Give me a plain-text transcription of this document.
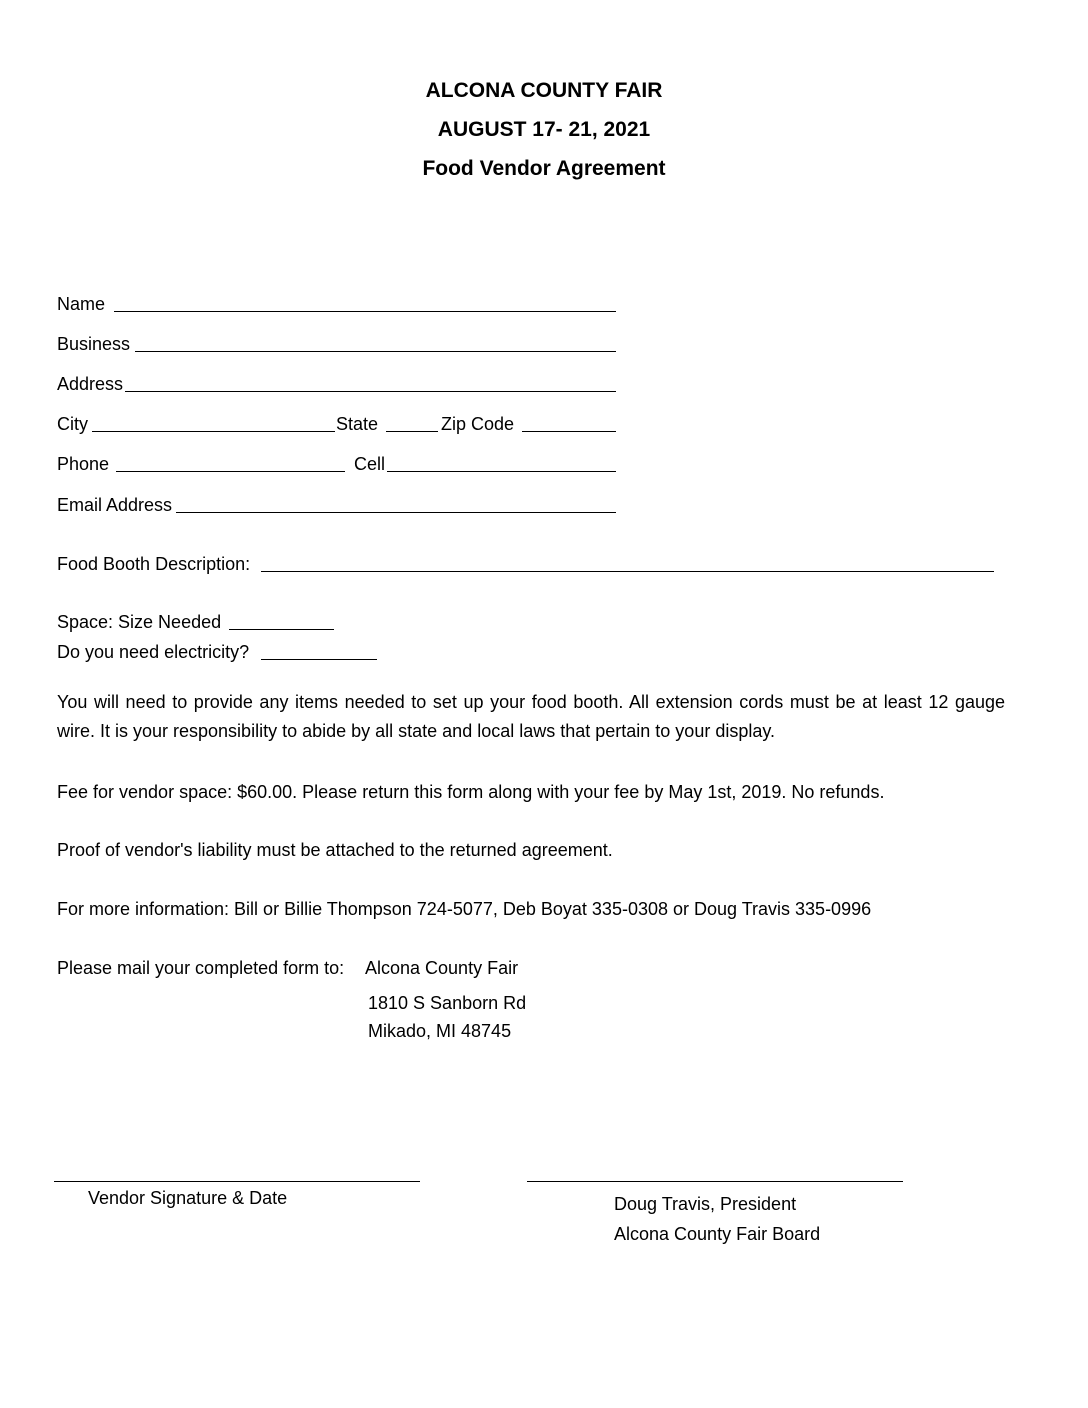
ALCONA COUNTY FAIR
AUGUST 17- 21, 2021
Food Vendor Agreement
Name
Business
Address
City	State	Zip Code
Phone	Cell
Email Address
Food Booth Description:
Space: Size Needed
Do you need electricity?
You will need to provide any items needed to set up your food booth. All extension cords must be at least 12 gauge wire. It is your responsibility to abide by all state and local laws that pertain to your display.
Fee for vendor space: $60.00. Please return this form along with your fee by May 1st, 2019. No refunds.
Proof of vendor's liability must be attached to the returned agreement.
For more information: Bill or Billie Thompson 724-5077, Deb Boyat 335-0308 or Doug Travis 335-0996
Please mail your completed form to: Alcona County Fair
1810 S Sanborn Rd
Mikado, MI 48745
Vendor Signature & Date	Doug Travis, President
Alcona County Fair Board
